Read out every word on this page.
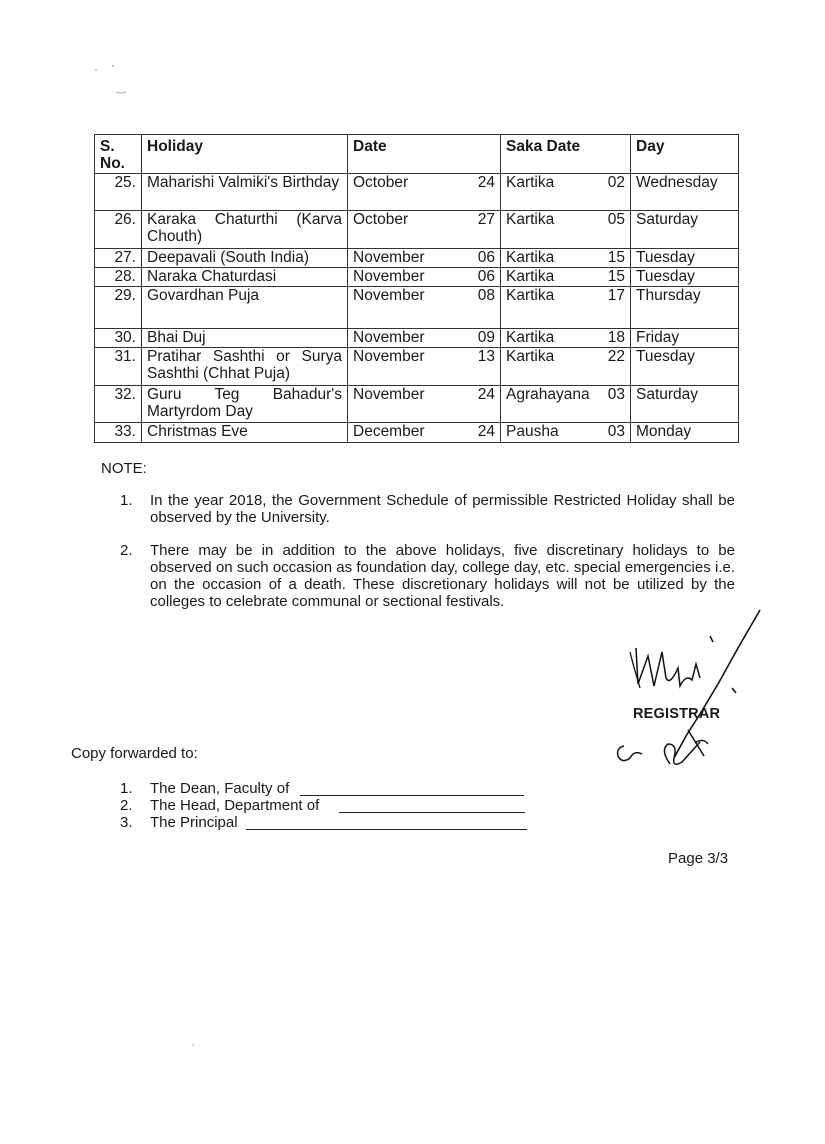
S. No.	Holiday	Date	Saka Date	Day
25.	Maharishi Valmiki's Birthday	October 24	Kartika 02	Wednesday
26.	Karaka Chaturthi (Karva Chouth)	October 27	Kartika 05	Saturday
27.	Deepavali (South India)	November 06	Kartika 15	Tuesday
28.	Naraka Chaturdasi	November 06	Kartika 15	Tuesday
29.	Govardhan Puja	November 08	Kartika 17	Thursday
30.	Bhai Duj	November 09	Kartika 18	Friday
31.	Pratihar Sashthi or Surya Sashthi (Chhat Puja)	November 13	Kartika 22	Tuesday
32.	Guru Teg Bahadur's Martyrdom Day	November 24	Agrahayana 03	Saturday
33.	Christmas Eve	December 24	Pausha 03	Monday
NOTE:
1. In the year 2018, the Government Schedule of permissible Restricted Holiday shall be observed by the University.
2. There may be in addition to the above holidays, five discretinary holidays to be observed on such occasion as foundation day, college day, etc. special emergencies i.e. on the occasion of a death. These discretionary holidays will not be utilized by the colleges to celebrate communal or sectional festivals.
REGISTRAR
Copy forwarded to:
1. The Dean, Faculty of
2. The Head, Department of
3. The Principal
Page 3/3
